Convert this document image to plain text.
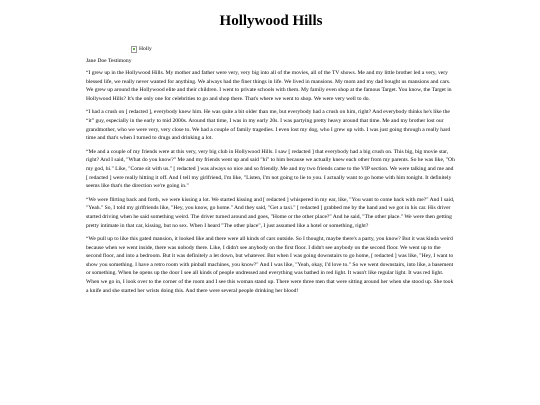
Hollywood Hills
Holly
Jane Doe Testimony

“I grew up in the Hollywood Hills. My mother and father were very, very big into all of the movies, all of the TV shows. Me and my little brother led a very, very blessed life, we really never wanted for anything. We always had the finer things in life. We lived in mansions. My mom and my dad bought us mansions and cars. We grew up around the Hollywood elite and their children. I went to private schools with them. My family even shop at the famous Target. You know, the Target in Hollywood Hills? It's the only one for celebrities to go and shop there. That's where we went to shop. We were very well to do.

“I had a crush on [ redacted ], everybody knew him. He was quite a bit older than me, but everybody had a crush on him, right? And everybody thinks he's like the “it” guy, especially in the early to mid 2000s. Around that time, I was in my early 20s. I was partying pretty heavy around that time. Me and my brother lost our grandmother, who we were very, very close to. We had a couple of family tragedies. I even lost my dog, who I grew up with. I was just going through a really hard time and that's when I turned to drugs and drinking a lot.

“Me and a couple of my friends were at this very, very big club in Hollywood Hills. I saw [ redacted ] that everybody had a big crush on. This big, big movie star, right? And I said, "What do you know?" Me and my friends went up and said "hi" to him because we actually knew each other from my parents. So he was like, "Oh my god, hi." Like, "Come sit with us." [ redacted ] was always so nice and so friendly. Me and my two friends came to the VIP section. We were talking and me and [ redacted ] were really hitting it off. And I tell my girlfriend, I'm like, "Listen, I'm not going to lie to you. I actually want to go home with him tonight. It definitely seems like that's the direction we're going in."

“We were flirting back and forth, we were kissing a lot. We started kissing and [ redacted ] whispered in my ear, like, "You want to come back with me?" And I said, "Yeah." So, I told my girlfriends like, "Hey, you know, go home." And they said, "Get a taxi." [ redacted ] grabbed me by the hand and we got in his car. His driver started driving when he said something weird. The driver turned around and goes, "Home or the other place?" And he said, "The other place." We were then getting pretty intimate in that car, kissing, but no sex. When I heard "The other place", I just assumed like a hotel or something, right?

“We pull up to like this gated mansion, it looked like and there were all kinds of cars outside. So I thought, maybe there's a party, you know? But it was kinda weird because when we went inside, there was nobody there. Like, I didn't see anybody on the first floor. I didn't see anybody on the second floor. We went up to the second floor, and into a bedroom. But it was definitely a let down, but whatever. But when I was going downstairs to go home, [ redacted ] was like, "Hey, I want to show you something. I have a retro room with pinball machines, you know?" And I was like, "Yeah, okay, I'd love to." So we went downstairs, into like, a basement or something. When he opens up the door I see all kinds of people undressed and everything was bathed in red light. It wasn't like regular light. It was red light. When we go in, I look over to the corner of the room and I see this woman stand up. There were three men that were sitting around her when she stood up. She took a knife and she started her wrists doing this. And there were several people drinking her blood!
